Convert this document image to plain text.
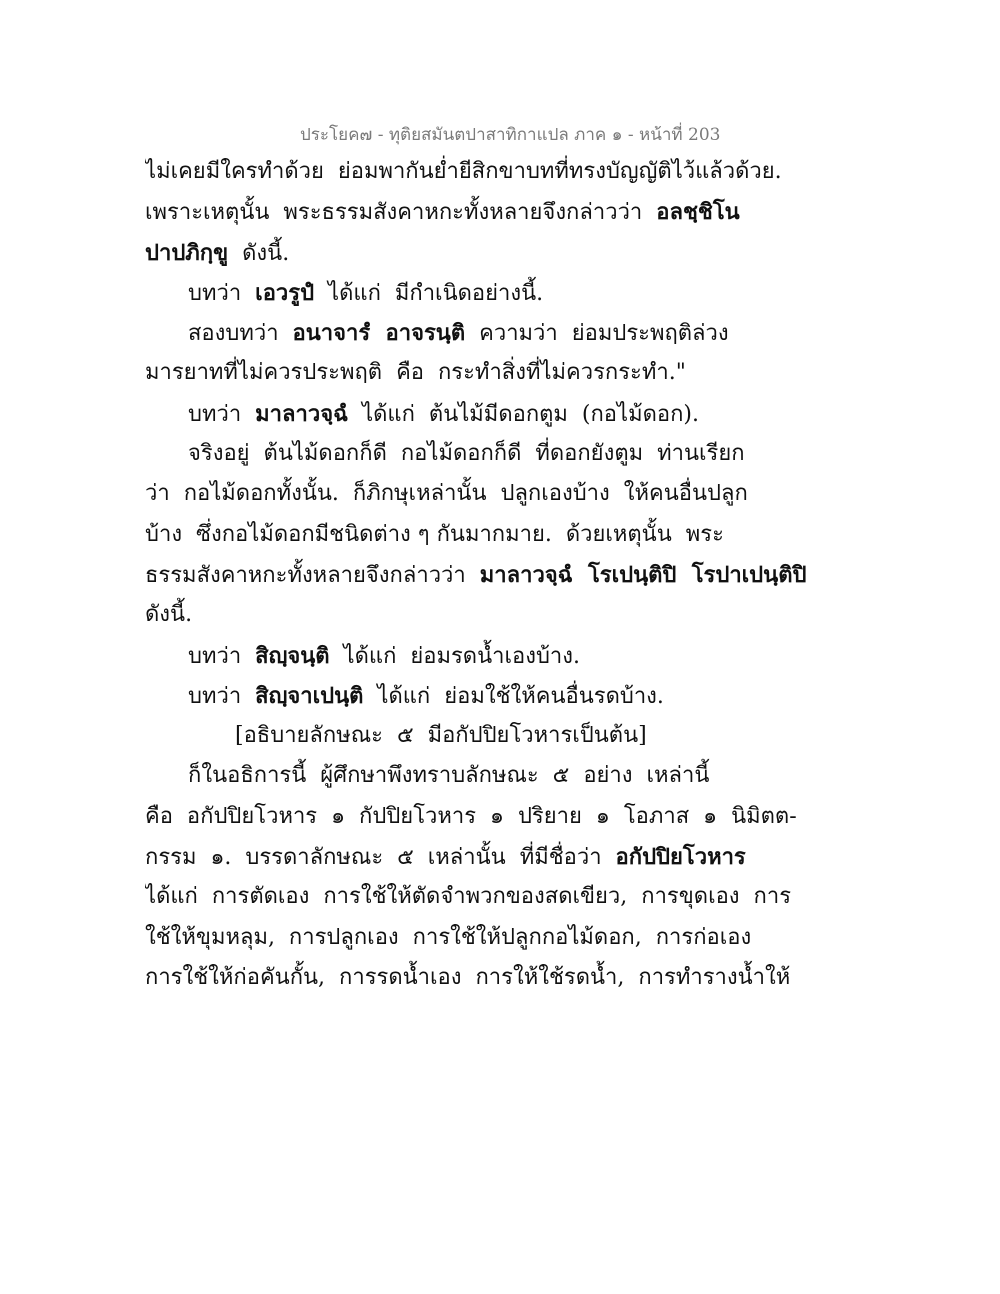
ประโยค๗ - ทุติยสมันตปาสาทิกาแปล ภาค ๑ - หน้าที่ 203
ไม่เคยมีใครทำด้วย  ย่อมพากันย่ำยีสิกขาบทที่ทรงบัญญัติไว้แล้วด้วย.
เพราะเหตุนั้น  พระธรรมสังคาหกะทั้งหลายจึงกล่าวว่า  อลชฺชิโน
ปาปภิกฺขู  ดังนี้.
บทว่า  เอวรูปํ  ได้แก่  มีกำเนิดอย่างนี้.
สองบทว่า  อนาจารํ  อาจรนฺติ  ความว่า  ย่อมประพฤติล่วง
มารยาทที่ไม่ควรประพฤติ  คือ  กระทำสิ่งที่ไม่ควรกระทำ."
บทว่า  มาลาวจฺฉํ  ได้แก่  ต้นไม้มีดอกตูม  (กอไม้ดอก).
จริงอยู่  ต้นไม้ดอกก็ดี  กอไม้ดอกก็ดี  ที่ดอกยังตูม  ท่านเรียก
ว่า  กอไม้ดอกทั้งนั้น.  ก็ภิกษุเหล่านั้น  ปลูกเองบ้าง  ให้คนอื่นปลูก
บ้าง  ซึ่งกอไม้ดอกมีชนิดต่าง ๆ กันมากมาย.  ด้วยเหตุนั้น  พระ
ธรรมสังคาหกะทั้งหลายจึงกล่าวว่า  มาลาวจฺฉํ  โรเปนฺติปิ  โรปาเปนฺติปิ
ดังนี้.
บทว่า  สิญฺจนฺติ  ได้แก่  ย่อมรดน้ำเองบ้าง.
บทว่า  สิญฺจาเปนฺติ  ได้แก่  ย่อมใช้ให้คนอื่นรดบ้าง.
[อธิบายลักษณะ  ๕  มีอกัปปิยโวหารเป็นต้น]
ก็ในอธิการนี้  ผู้ศึกษาพึงทราบลักษณะ  ๕  อย่าง  เหล่านี้
คือ  อกัปปิยโวหาร  ๑  กัปปิยโวหาร  ๑  ปริยาย  ๑  โอภาส  ๑  นิมิตต-
กรรม  ๑.  บรรดาลักษณะ  ๕  เหล่านั้น  ที่มีชื่อว่า  อกัปปิยโวหาร
ได้แก่  การตัดเอง  การใช้ให้ตัดจำพวกของสดเขียว,  การขุดเอง  การ
ใช้ให้ขุมหลุม,  การปลูกเอง  การใช้ให้ปลูกกอไม้ดอก,  การก่อเอง
การใช้ให้ก่อคันกั้น,  การรดน้ำเอง  การให้ใช้รดน้ำ,  การทำรางน้ำให้
